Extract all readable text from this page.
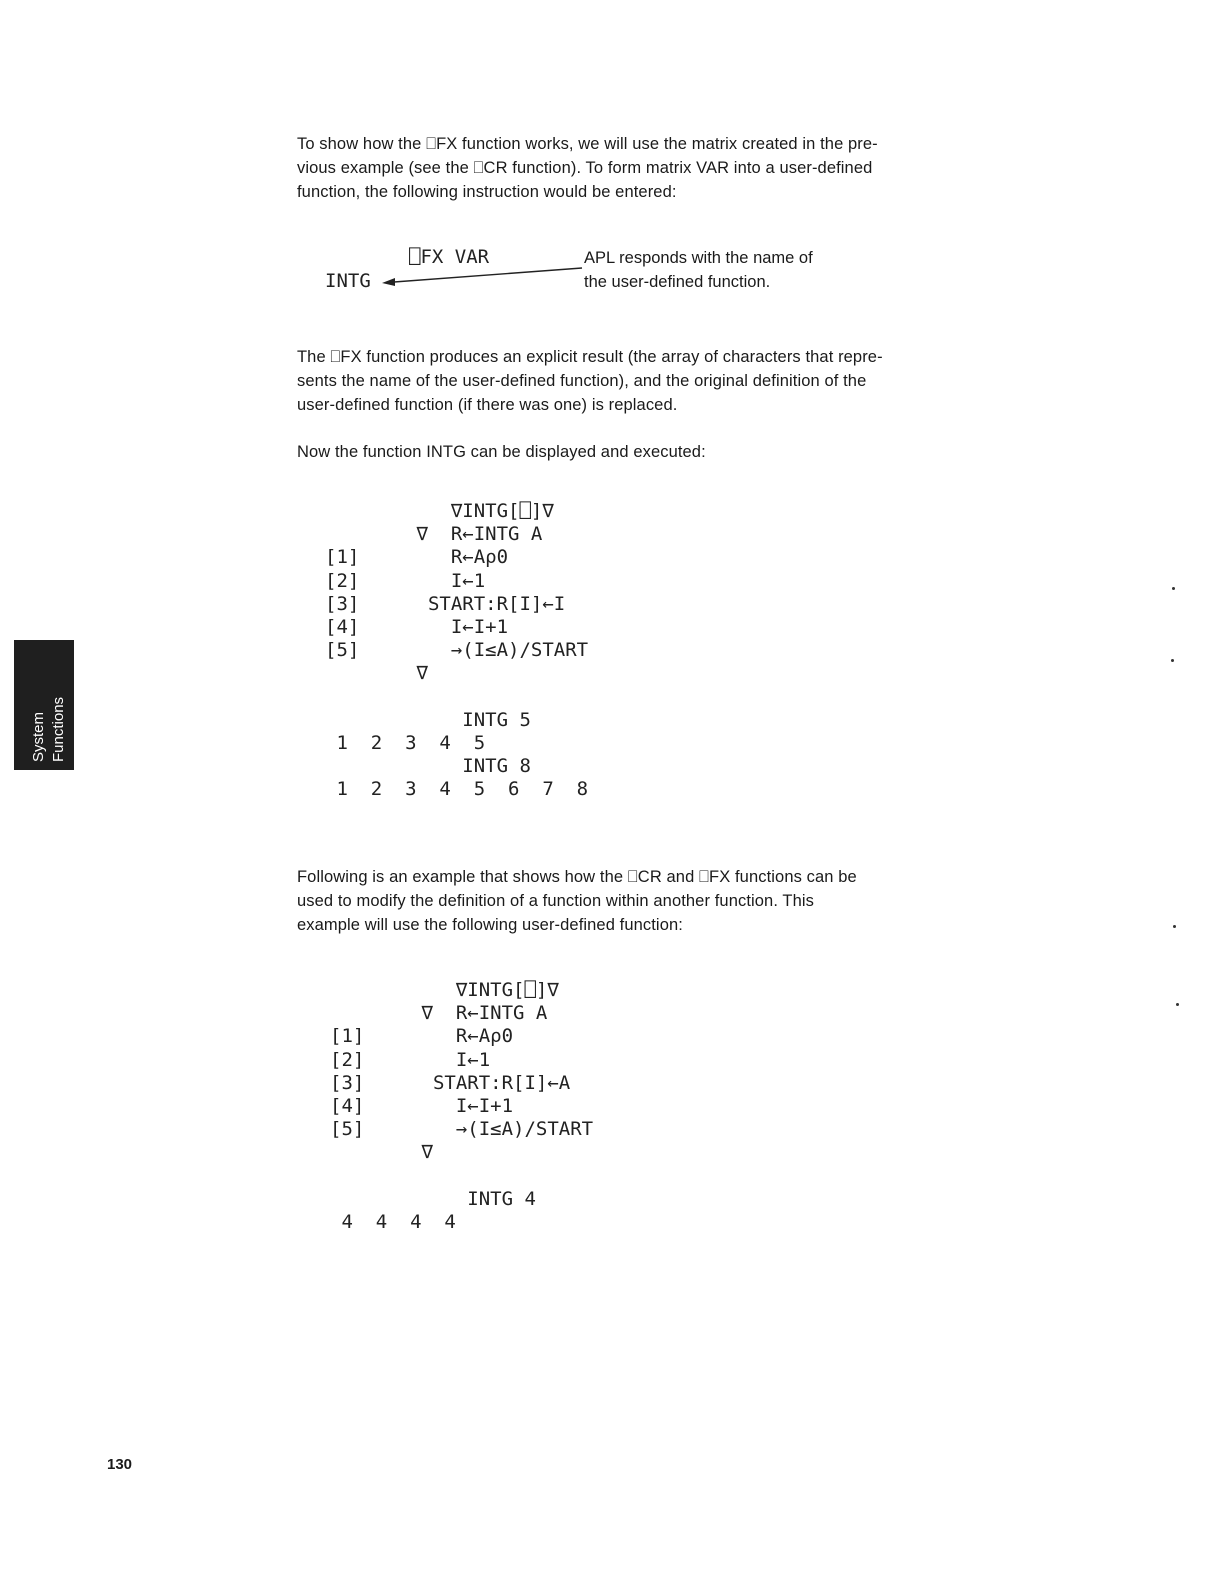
To show how the ⎕FX function works, we will use the matrix created in the pre-

vious example (see the ⎕CR function). To form matrix VAR into a user-defined

function, the following instruction would be entered:

⎕FX VAR
INTG

APL responds with the name of

the user-defined function.

The ⎕FX function produces an explicit result (the array of characters that repre-

sents the name of the user-defined function), and the original definition of the

user-defined function (if there was one) is replaced.

Now the function INTG can be displayed and executed:

∇INTG[⎕]∇
∇  R←INTG A
[1]        R←Aρ0
[2]        I←1
[3]      START:R[I]←I
[4]        I←I+1
[5]        →(I≤A)/START
∇

INTG 5
1  2  3  4  5
INTG 8
1  2  3  4  5  6  7  8

Following is an example that shows how the ⎕CR and ⎕FX functions can be

used to modify the definition of a function within another function. This

example will use the following user-defined function:

∇INTG[⎕]∇
∇  R←INTG A
[1]        R←Aρ0
[2]        I←1
[3]      START:R[I]←A
[4]        I←I+1
[5]        →(I≤A)/START
∇

INTG 4
4  4  4  4
System Functions
130
